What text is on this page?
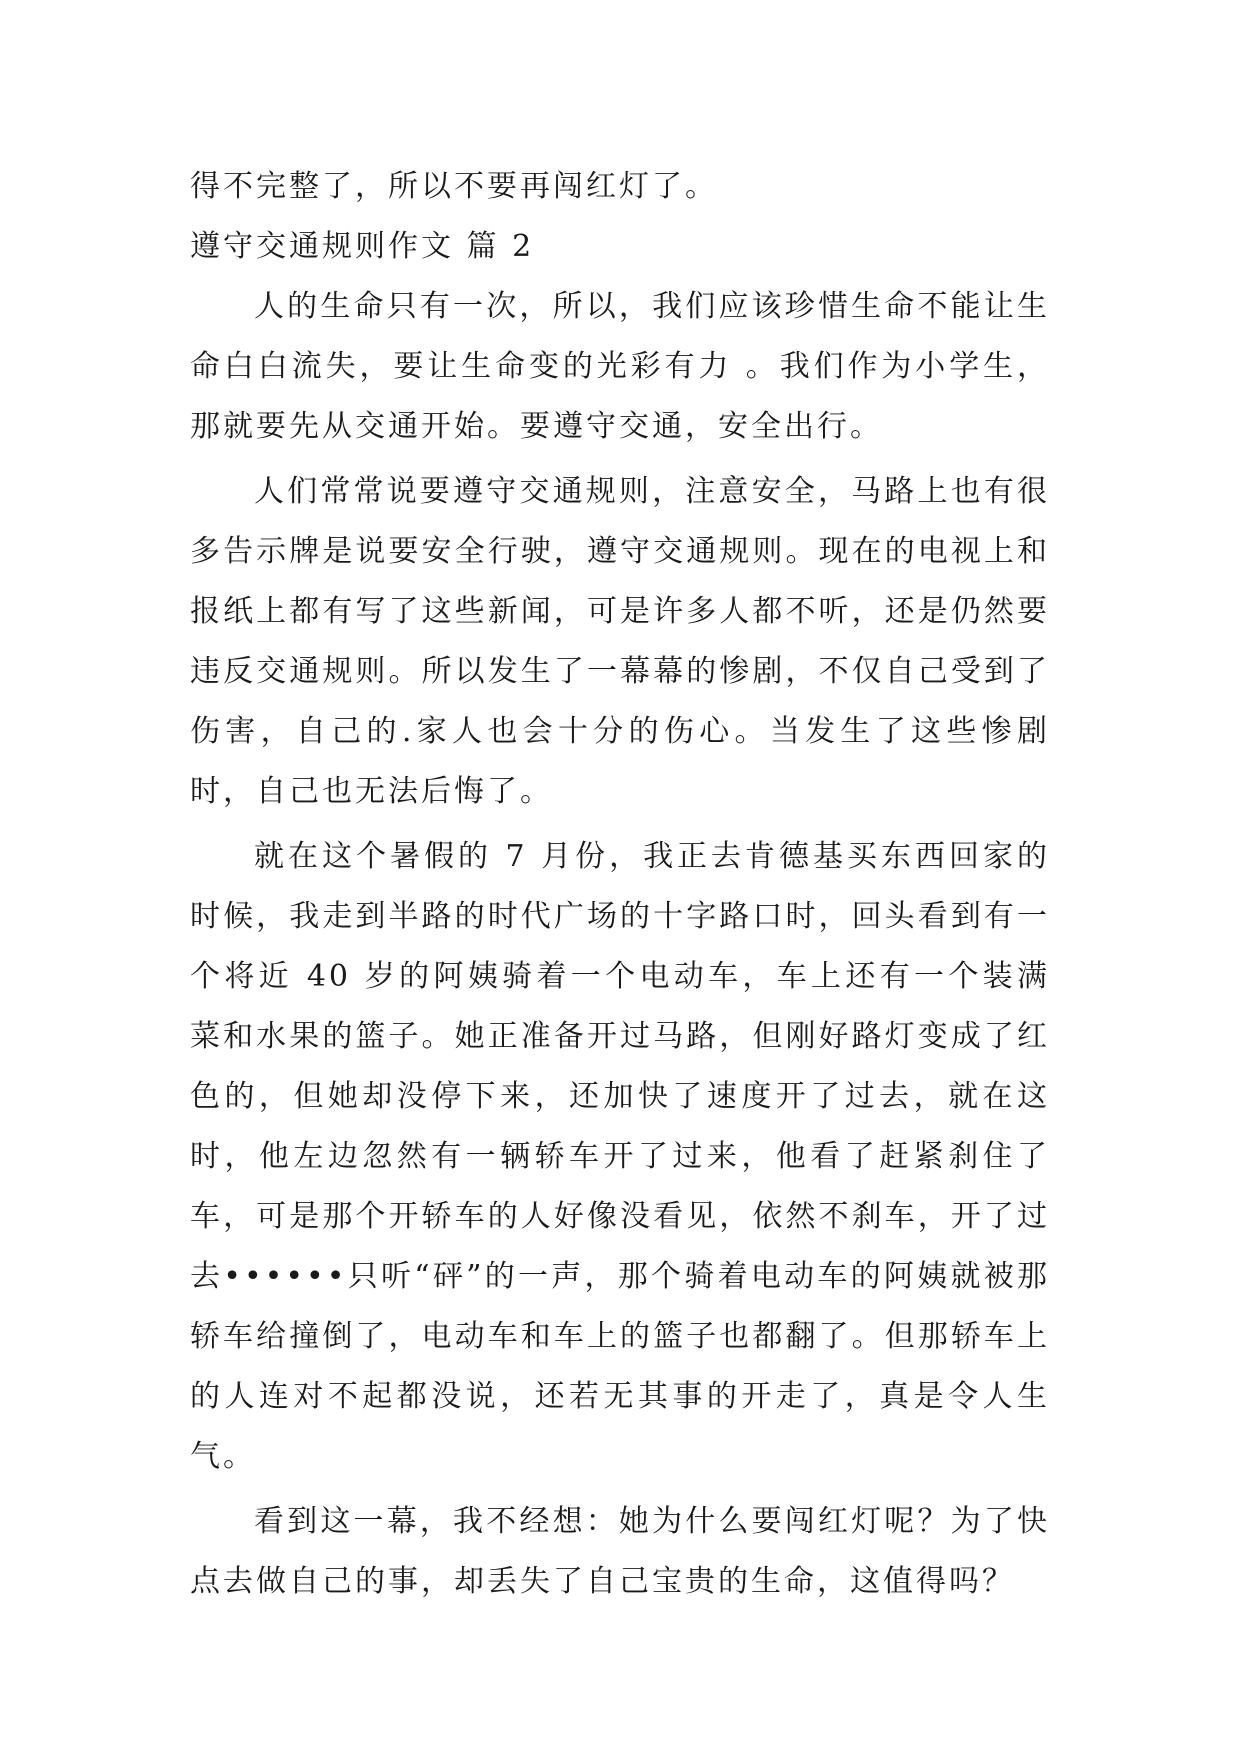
得不完整了，所以不要再闯红灯了。

遵守交通规则作文 篇 2

人的生命只有一次，所以，我们应该珍惜生命不能让生命白白流失，要让生命变的光彩有力 。我们作为小学生，那就要先从交通开始。要遵守交通，安全出行。

人们常常说要遵守交通规则，注意安全，马路上也有很多告示牌是说要安全行驶，遵守交通规则。现在的电视上和报纸上都有写了这些新闻，可是许多人都不听，还是仍然要违反交通规则。所以发生了一幕幕的惨剧，不仅自己受到了伤害，自己的.家人也会十分的伤心。当发生了这些惨剧时，自己也无法后悔了。

就在这个暑假的 7 月份，我正去肯德基买东西回家的时候，我走到半路的时代广场的十字路口时，回头看到有一个将近 40 岁的阿姨骑着一个电动车，车上还有一个装满菜和水果的篮子。她正准备开过马路，但刚好路灯变成了红色的，但她却没停下来，还加快了速度开了过去，就在这时，他左边忽然有一辆轿车开了过来，他看了赶紧刹住了车，可是那个开轿车的人好像没看见，依然不刹车，开了过去••••••只听“砰”的一声，那个骑着电动车的阿姨就被那轿车给撞倒了，电动车和车上的篮子也都翻了。但那轿车上的人连对不起都没说，还若无其事的开走了，真是令人生气。

看到这一幕，我不经想：她为什么要闯红灯呢？为了快点去做自己的事，却丢失了自己宝贵的生命，这值得吗？
